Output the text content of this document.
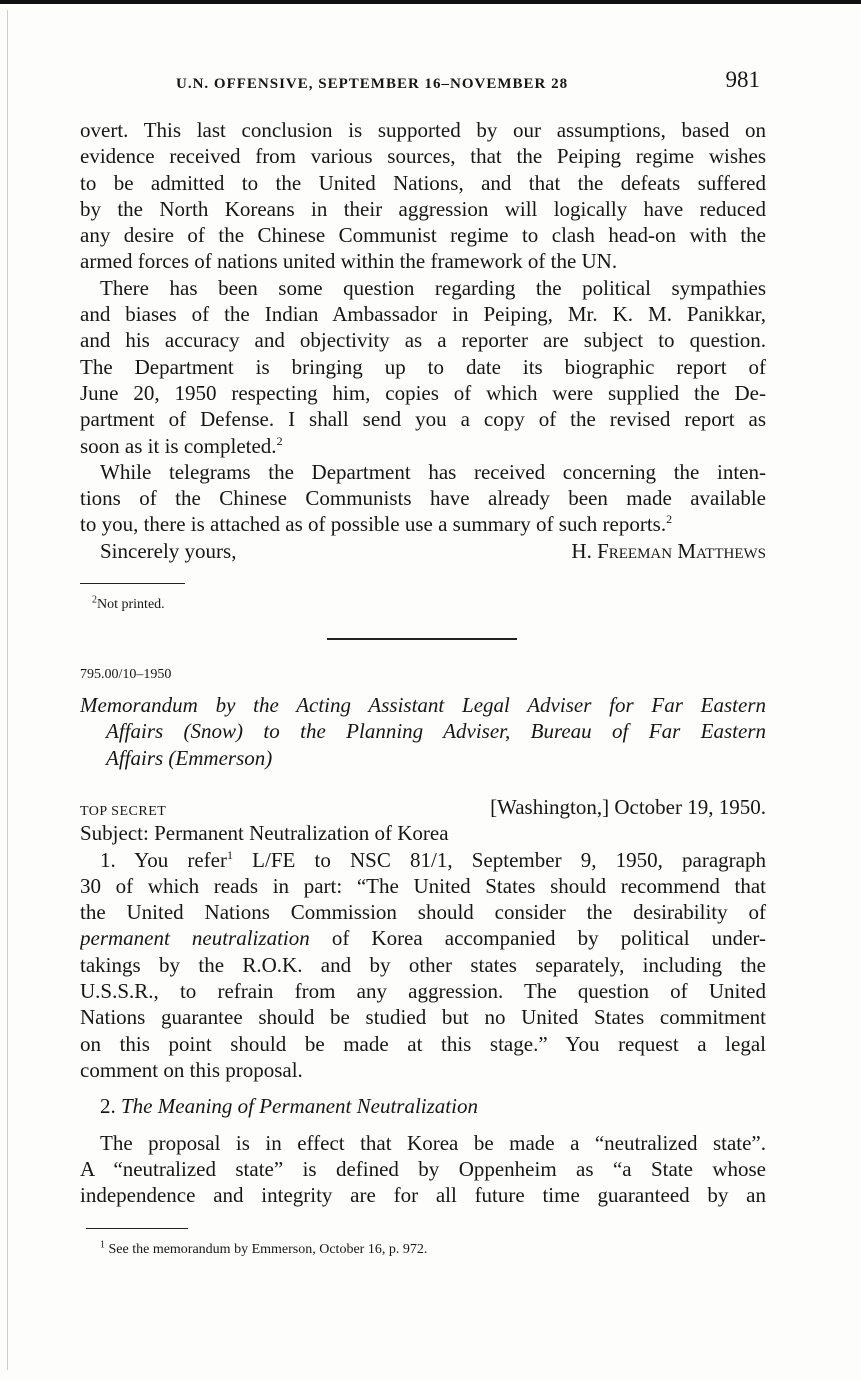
U.N. OFFENSIVE, SEPTEMBER 16–NOVEMBER 28	981
overt. This last conclusion is supported by our assumptions, based on
evidence received from various sources, that the Peiping regime wishes
to be admitted to the United Nations, and that the defeats suffered
by the North Koreans in their aggression will logically have reduced
any desire of the Chinese Communist regime to clash head-on with the
armed forces of nations united within the framework of the UN.
There has been some question regarding the political sympathies
and biases of the Indian Ambassador in Peiping, Mr. K. M. Panikkar,
and his accuracy and objectivity as a reporter are subject to question.
The Department is bringing up to date its biographic report of
June 20, 1950 respecting him, copies of which were supplied the De-
partment of Defense. I shall send you a copy of the revised report as
soon as it is completed.$^2$
While telegrams the Department has received concerning the inten-
tions of the Chinese Communists have already been made available
to you, there is attached as of possible use a summary of such reports.$^2$
Sincerely yours,	H. Freeman Matthews
$^2$Not printed.
795.00/10–1950
Memorandum by the Acting Assistant Legal Adviser for Far Eastern
Affairs (Snow) to the Planning Adviser, Bureau of Far Eastern
Affairs (Emmerson)
TOP SECRET	[Washington,] October 19, 1950.
Subject: Permanent Neutralization of Korea
1. You refer$^1$ L/FE to NSC 81/1, September 9, 1950, paragraph
30 of which reads in part: “The United States should recommend that
the United Nations Commission should consider the desirability of
permanent neutralization of Korea accompanied by political under-
takings by the R.O.K. and by other states separately, including the
U.S.S.R., to refrain from any aggression. The question of United
Nations guarantee should be studied but no United States commitment
on this point should be made at this stage.” You request a legal
comment on this proposal.
2. The Meaning of Permanent Neutralization
The proposal is in effect that Korea be made a “neutralized state”.
A “neutralized state” is defined by Oppenheim as “a State whose
independence and integrity are for all future time guaranteed by an
$^1$ See the memorandum by Emmerson, October 16, p. 972.
